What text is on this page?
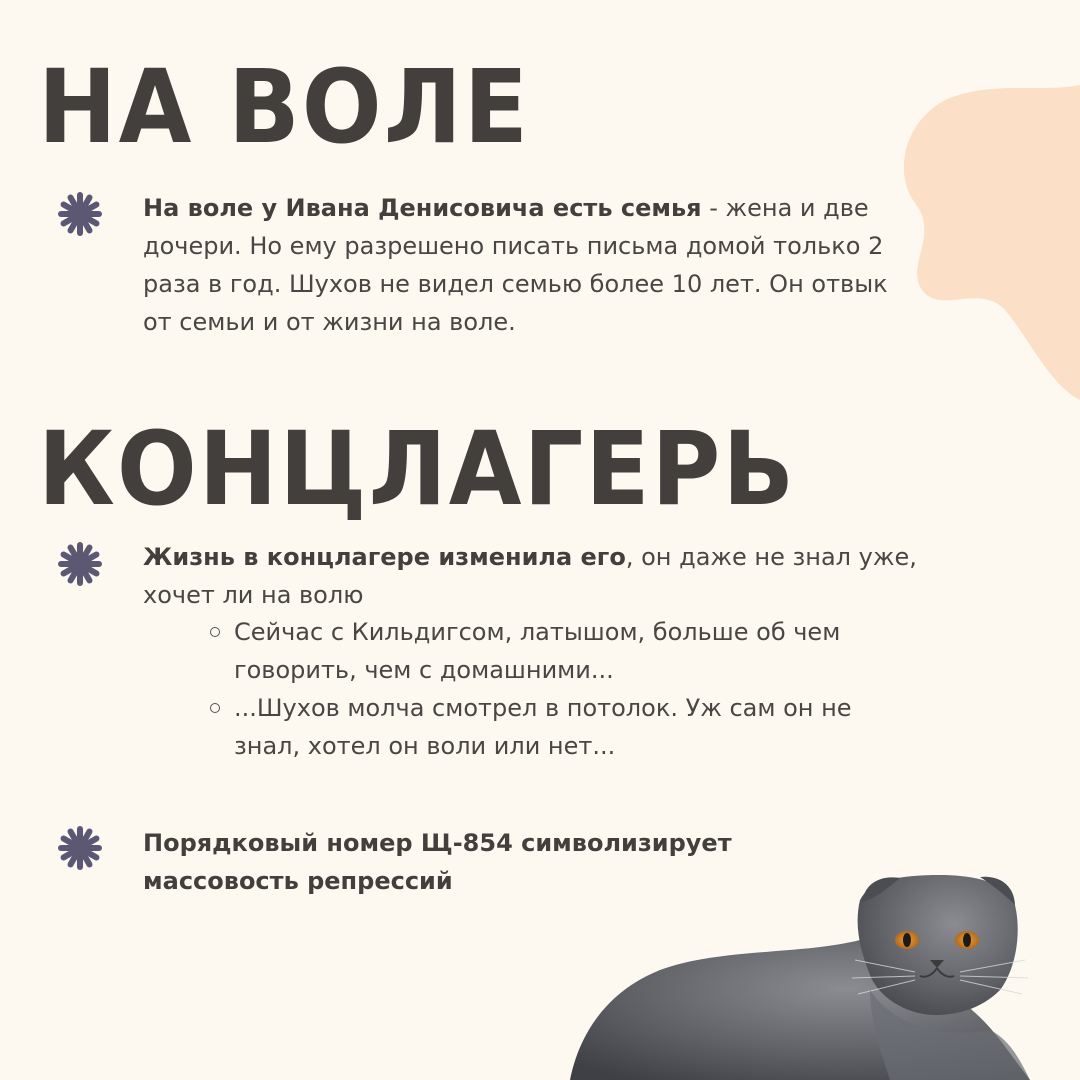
НА ВОЛЕ

На воле у Ивана Денисовича есть семья - жена и две дочери. Но ему разрешено писать письма домой только 2 раза в год. Шухов не видел семью более 10 лет. Он отвык от семьи и от жизни на воле.

КОНЦЛАГЕРЬ

Жизнь в концлагере изменила его, он даже не знал уже, хочет ли на волю

Сейчас с Кильдигсом, латышом, больше об чем говорить, чем с домашними...
...Шухов молча смотрел в потолок. Уж сам он не знал, хотел он воли или нет...

Порядковый номер Щ-854 символизирует массовость репрессий
